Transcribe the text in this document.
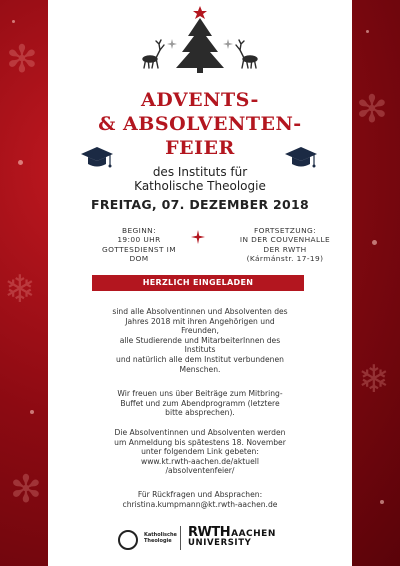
✻
❄
✻
❄
✻
ADVENTS-
& ABSOLVENTEN-
FEIER
des Instituts für
Katholische Theologie
FREITAG, 07. DEZEMBER 2018
BEGINN:
19:00 UHR
GOTTESDIENST IM
DOM
FORTSETZUNG:
IN DER COUVENHALLE
DER RWTH
(Kármánstr. 17-19)
HERZLICH EINGELADEN
sind alle Absolventinnen und Absolventen des
Jahres 2018 mit ihren Angehörigen und
Freunden,
alle Studierende und MitarbeiterInnen des
Instituts
und natürlich alle dem Institut verbundenen
Menschen.
Wir freuen uns über Beiträge zum Mitbring-
Buffet und zum Abendprogramm (letztere
bitte absprechen).
Die Absolventinnen und Absolventen werden
um Anmeldung bis spätestens 18. November
unter folgendem Link gebeten:
www.kt.rwth-aachen.de/aktuell
/absolventenfeier/
Für Rückfragen und Absprachen:
christina.kumpmann@kt.rwth-aachen.de
Katholische
Theologie
RWTH AACHEN
UNIVERSITY
